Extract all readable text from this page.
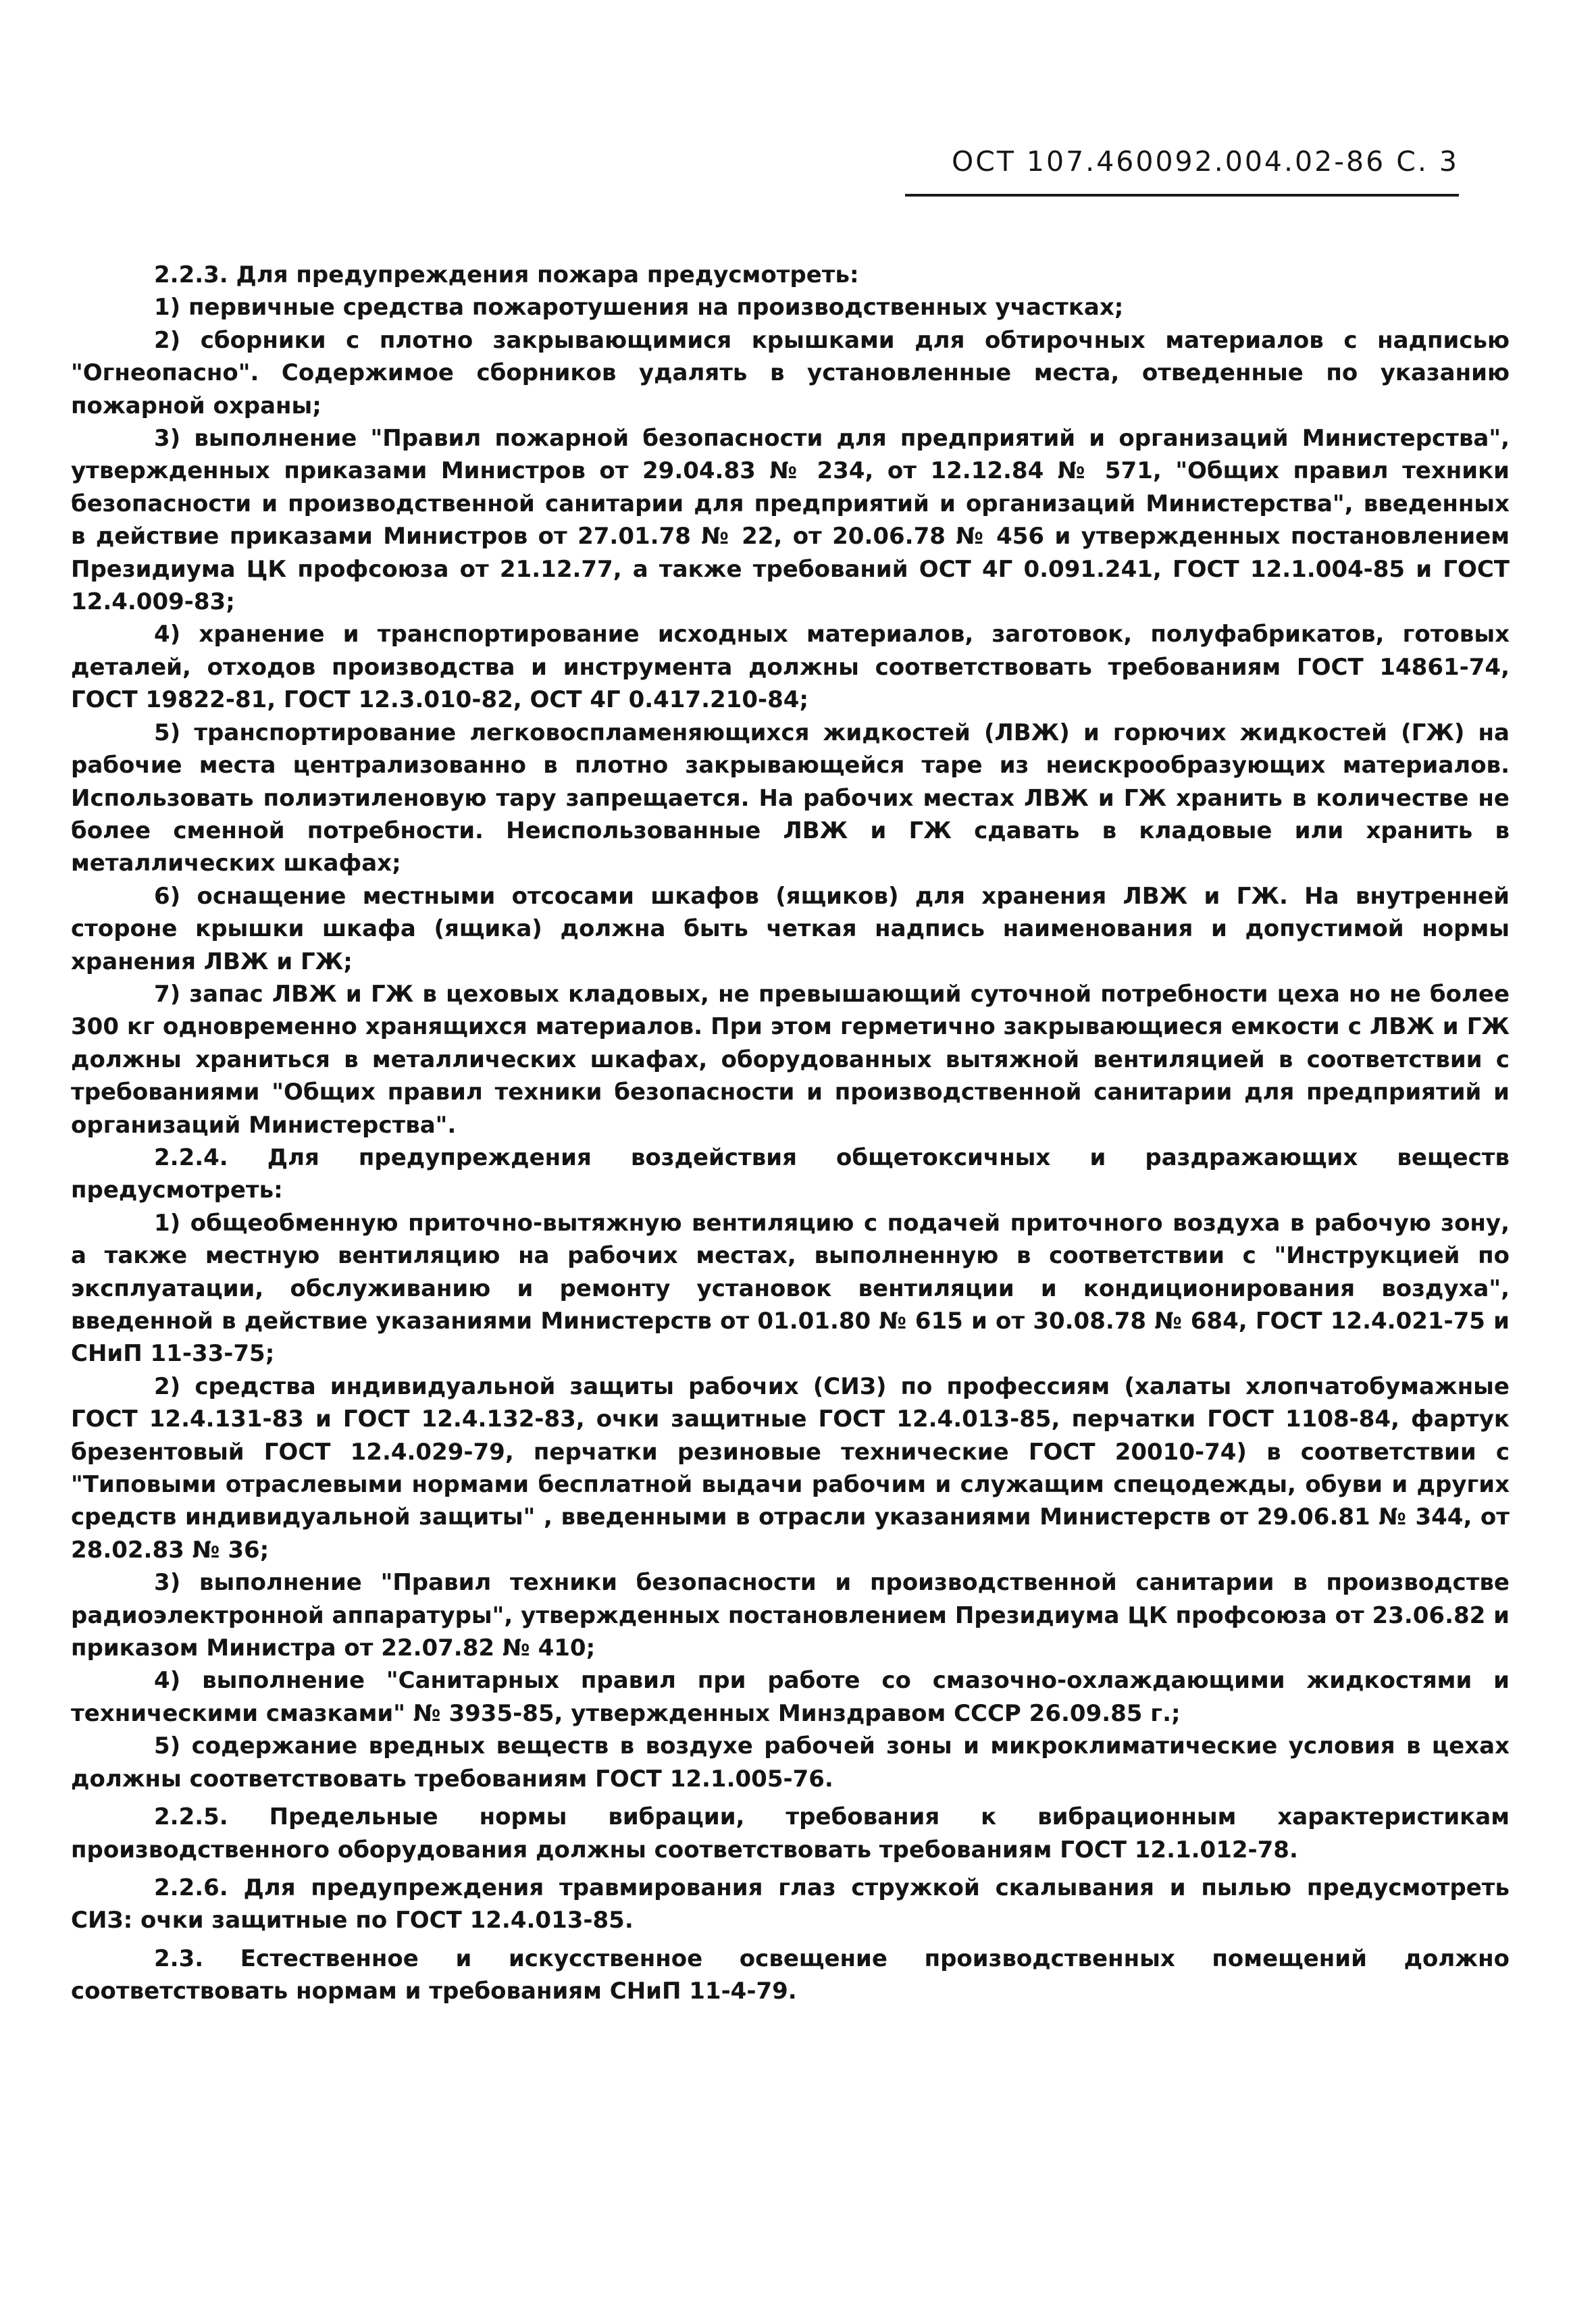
ОСТ 107.460092.004.02-86 С. 3

2.2.3. Для предупреждения пожара предусмотреть:

1) первичные средства пожаротушения на производственных участках;

2) сборники с плотно закрывающимися крышками для обтирочных материалов с надписью "Огнеопасно". Содержимое сборников удалять в установленные места, отведенные по указанию пожарной охраны;

3) выполнение "Правил пожарной безопасности для предприятий и организаций Министерства", утвержденных приказами Министров от 29.04.83 № 234, от 12.12.84 № 571, "Общих правил техники безопасности и производственной санитарии для предприятий и организаций Министерства", введенных в действие приказами Министров от 27.01.78 № 22, от 20.06.78 № 456 и утвержденных постановлением Президиума ЦК профсоюза от 21.12.77, а также требований ОСТ 4Г 0.091.241, ГОСТ 12.1.004-85 и ГОСТ 12.4.009-83;

4) хранение и транспортирование исходных материалов, заготовок, полуфабрикатов, готовых деталей, отходов производства и инструмента должны соответствовать требованиям ГОСТ 14861-74, ГОСТ 19822-81, ГОСТ 12.3.010-82, ОСТ 4Г 0.417.210-84;

5) транспортирование легковоспламеняющихся жидкостей (ЛВЖ) и горючих жидкостей (ГЖ) на рабочие места централизованно в плотно закрывающейся таре из неискрообразующих материалов. Использовать полиэтиленовую тару запрещается. На рабочих местах ЛВЖ и ГЖ хранить в количестве не более сменной потребности. Неиспользованные ЛВЖ и ГЖ сдавать в кладовые или хранить в металлических шкафах;

6) оснащение местными отсосами шкафов (ящиков) для хранения ЛВЖ и ГЖ. На внутренней стороне крышки шкафа (ящика) должна быть четкая надпись наименования и допустимой нормы хранения ЛВЖ и ГЖ;

7) запас ЛВЖ и ГЖ в цеховых кладовых, не превышающий суточной потребности цеха но не более 300 кг одновременно хранящихся материалов. При этом герметично закрывающиеся емкости с ЛВЖ и ГЖ должны храниться в металлических шкафах, оборудованных вытяжной вентиляцией в соответствии с требованиями "Общих правил техники безопасности и производственной санитарии для предприятий и организаций Министерства".

2.2.4. Для предупреждения воздействия общетоксичных и раздражающих веществ предусмотреть:

1) общеобменную приточно-вытяжную вентиляцию с подачей приточного воздуха в рабочую зону, а также местную вентиляцию на рабочих местах, выполненную в соответствии с "Инструкцией по эксплуатации, обслуживанию и ремонту установок вентиляции и кондиционирования воздуха", введенной в действие указаниями Министерств от 01.01.80 № 615 и от 30.08.78 № 684, ГОСТ 12.4.021-75 и СНиП 11-33-75;

2) средства индивидуальной защиты рабочих (СИЗ) по профессиям (халаты хлопчатобумажные ГОСТ 12.4.131-83 и ГОСТ 12.4.132-83, очки защитные ГОСТ 12.4.013-85, перчатки ГОСТ 1108-84, фартук брезентовый ГОСТ 12.4.029-79, перчатки резиновые технические ГОСТ 20010-74) в соответствии с "Типовыми отраслевыми нормами бесплатной выдачи рабочим и служащим спецодежды, обуви и других средств индивидуальной защиты" , введенными в отрасли указаниями Министерств от 29.06.81 № 344, от 28.02.83 № 36;

3) выполнение "Правил техники безопасности и производственной санитарии в производстве радиоэлектронной аппаратуры", утвержденных постановлением Президиума ЦК профсоюза от 23.06.82 и приказом Министра от 22.07.82 № 410;

4) выполнение "Санитарных правил при работе со смазочно-охлаждающими жидкостями и техническими смазками" № 3935-85, утвержденных Минздравом СССР 26.09.85 г.;

5) содержание вредных веществ в воздухе рабочей зоны и микроклиматические условия в цехах должны соответствовать требованиям ГОСТ 12.1.005-76.

2.2.5. Предельные нормы вибрации, требования к вибрационным характеристикам производственного оборудования должны соответствовать требованиям ГОСТ 12.1.012-78.

2.2.6. Для предупреждения травмирования глаз стружкой скалывания и пылью предусмотреть СИЗ: очки защитные по ГОСТ 12.4.013-85.

2.3. Естественное и искусственное освещение производственных помещений должно соответствовать нормам и требованиям СНиП 11-4-79.
